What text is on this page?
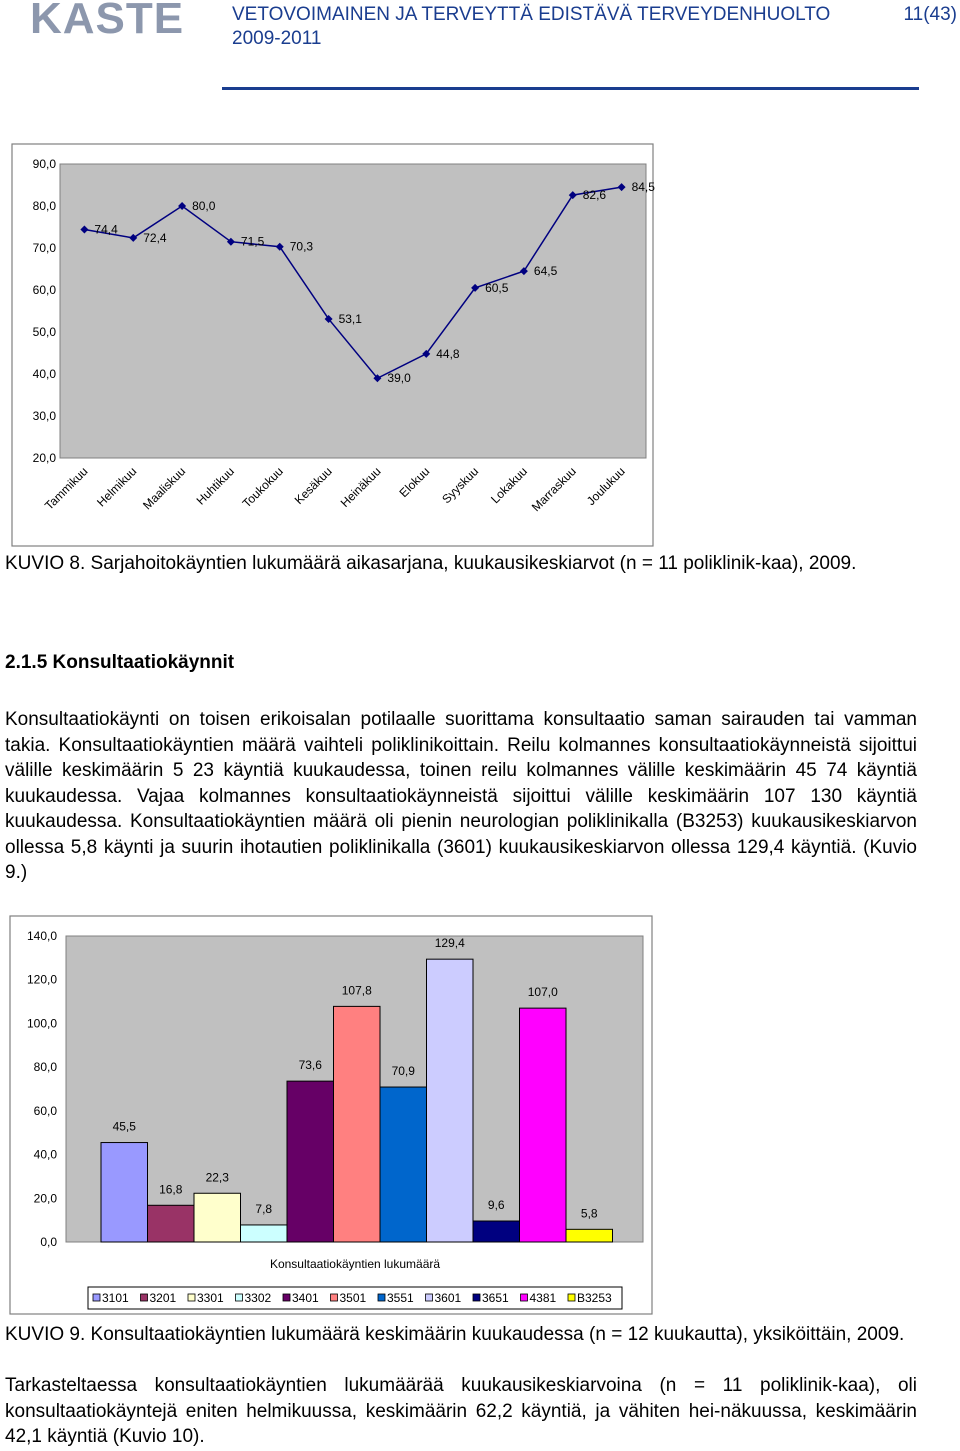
KASTE	VETOVOIMAINEN JA TERVEYTTÄ EDISTÄVÄ TERVEYDENHUOLTO
2009-2011
11(43)
20,0
30,0
40,0
50,0
60,0
70,0
80,0
90,0
74,4
72,4
80,0
71,5 70,3
53,1
39,0
44,8
60,5
64,5
82,6
84,5
Tammikuu Helmikuu Maaliskuu Huhtikuu Toukokuu Kesäkuu Heinäkuu Elokuu Syyskuu Lokakuu
Marraskuu Joulukuu
KUVIO 8. Sarjahoitokäyntien lukumäärä aikasarjana, kuukausikeskiarvot (n = 11 poliklinik-kaa), 2009.
2.1.5 Konsultaatiokäynnit
Konsultaatiokäynti on toisen erikoisalan potilaalle suorittama konsultaatio saman sairauden tai vamman takia. Konsultaatiokäyntien määrä vaihteli poliklinikoittain. Reilu kolmannes konsultaatiokäynneistä sijoittui välille keskimäärin 5 23 käyntiä kuukaudessa, toinen reilu kolmannes välille keskimäärin 45 74 käyntiä kuukaudessa. Vajaa kolmannes konsultaatiokäynneistä sijoittui välille keskimäärin 107 130 käyntiä kuukaudessa. Konsultaatiokäyntien määrä oli pienin neurologian poliklinikalla (B3253) kuukausikeskiarvon ollessa 5,8 käynti ja suurin ihotautien poliklinikalla (3601) kuukausikeskiarvon ollessa 129,4 käyntiä. (Kuvio 9.)
0,0
20,0
40,0
60,0
80,0
100,0
120,0
140,0
45,5
16,8
22,3
7,8
73,6
107,8
70,9
129,4
9,6
107,0
5,8
Konsultaatiokäyntien lukumäärä
3101 3201 3301 3302 3401 3501 3551 3601 3651 4381 B3253
KUVIO 9. Konsultaatiokäyntien lukumäärä keskimäärin kuukaudessa (n = 12 kuukautta), yksiköittäin, 2009.
Tarkasteltaessa konsultaatiokäyntien lukumäärää kuukausikeskiarvoina (n = 11 poliklinik-kaa), oli konsultaatiokäyntejä eniten helmikuussa, keskimäärin 62,2 käyntiä, ja vähiten hei-näkuussa, keskimäärin 42,1 käyntiä (Kuvio 10).
